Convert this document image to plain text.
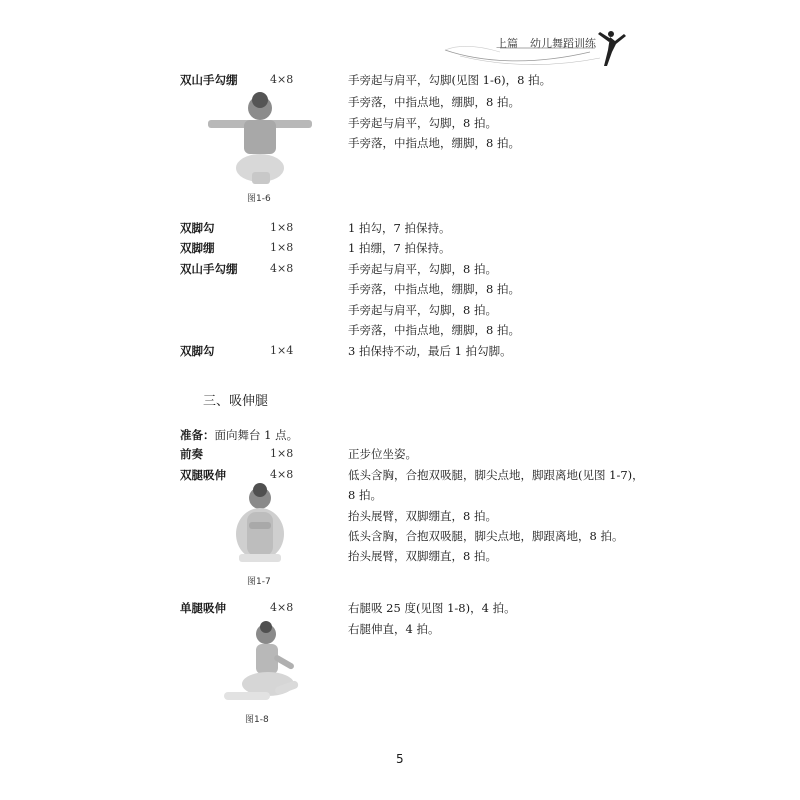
上篇 幼儿舞蹈训练
双山手勾绷	4×8	手旁起与肩平，勾脚(见图 1-6)，8 拍。
手旁落，中指点地，绷脚，8 拍。
手旁起与肩平，勾脚，8 拍。
手旁落，中指点地，绷脚，8 拍。
图1-6
双脚勾	1×8	1 拍勾，7 拍保持。
双脚绷	1×8	1 拍绷，7 拍保持。
双山手勾绷	4×8	手旁起与肩平，勾脚，8 拍。
手旁落，中指点地，绷脚，8 拍。
手旁起与肩平，勾脚，8 拍。
手旁落，中指点地，绷脚，8 拍。
双脚勾	1×4	3 拍保持不动，最后 1 拍勾脚。
三、吸伸腿
准备：面向舞台 1 点。
前奏	1×8	正步位坐姿。
双腿吸伸	4×8	低头含胸，合抱双吸腿，脚尖点地，脚跟离地(见图 1-7)，
8 拍。
抬头展臂，双脚绷直，8 拍。
低头含胸，合抱双吸腿，脚尖点地，脚跟离地，8 拍。
抬头展臂，双脚绷直，8 拍。
图1-7
单腿吸伸	4×8	右腿吸 25 度(见图 1-8)，4 拍。
右腿伸直，4 拍。
图1-8
5
